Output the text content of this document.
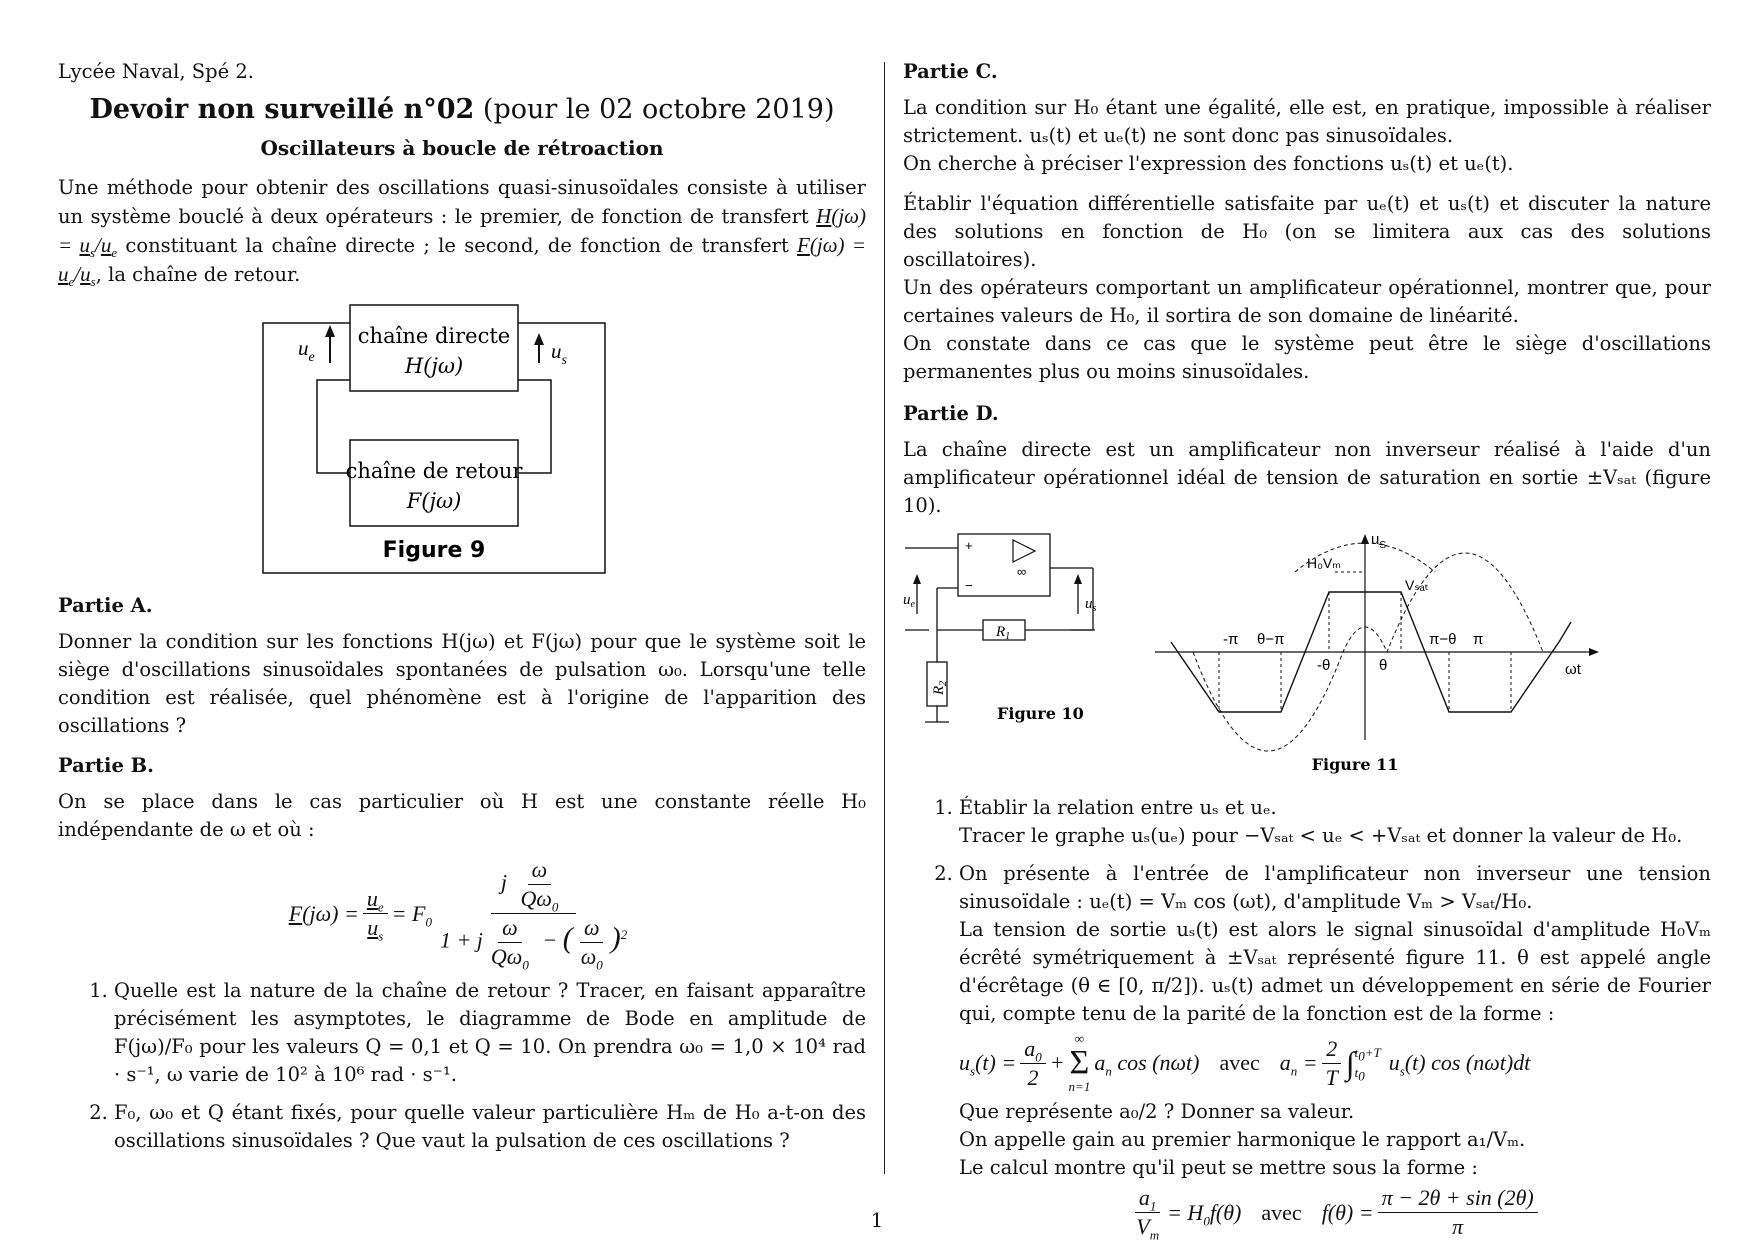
Lycée Naval, Spé 2.
Devoir non surveillé n°02 (pour le 02 octobre 2019)
Oscillateurs à boucle de rétroaction

Une méthode pour obtenir des oscillations quasi-sinusoïdales consiste à utiliser un système bouclé à deux opérateurs : le premier, de fonction de transfert $H(j\omega) = u_s/u_e$ constituant la chaîne directe ; le second, de fonction de transfert $F(j\omega) = u_e/u_s$, la chaîne de retour.

chaîne directe
H(jω)
chaîne de retour
F(jω)
$u_e$	$u_s$
Figure 9
Partie A.

Donner la condition sur les fonctions H(jω) et F(jω) pour que le système soit le siège d'oscillations sinusoïdales spontanées de pulsation ω₀. Lorsqu'une telle condition est réalisée, quel phénomène est à l'origine de l'apparition des oscillations ?

Partie B.

On se place dans le cas particulier où H est une constante réelle H₀ indépendante de ω et où :

$F(j\omega) = \frac{u_e}{u_s} = F_0 \frac{j \frac{\omega}{Q\omega_0}}{1 + j \frac{\omega}{Q\omega_0} - ( \frac{\omega}{\omega_0} )^2}$
1. Quelle est la nature de la chaîne de retour ? Tracer, en faisant apparaître précisément les asymptotes, le diagramme de Bode en amplitude de F(jω)/F₀ pour les valeurs Q = 0,1 et Q = 10. On prendra ω₀ = 1,0 × 10⁴ rad · s⁻¹, ω varie de 10² à 10⁶ rad · s⁻¹.
2. F₀, ω₀ et Q étant fixés, pour quelle valeur particulière Hₘ de H₀ a-t-on des oscillations sinusoïdales ? Que vaut la pulsation de ces oscillations ?
Partie C.

La condition sur H₀ étant une égalité, elle est, en pratique, impossible à réaliser strictement. uₛ(t) et uₑ(t) ne sont donc pas sinusoïdales.

On cherche à préciser l'expression des fonctions uₛ(t) et uₑ(t).

Établir l'équation différentielle satisfaite par uₑ(t) et uₛ(t) et discuter la nature des solutions en fonction de H₀ (on se limitera aux cas des solutions oscillatoires).

Un des opérateurs comportant un amplificateur opérationnel, montrer que, pour certaines valeurs de H₀, il sortira de son domaine de linéarité.

On constate dans ce cas que le système peut être le siège d'oscillations permanentes plus ou moins sinusoïdales.

Partie D.

La chaîne directe est un amplificateur non inverseur réalisé à l'aide d'un amplificateur opérationnel idéal de tension de saturation en sortie ±Vₛₐₜ (figure 10).

+
−
∞
$R_1$
$R_2$
$u_e$	$u_s$
Figure 10
$u_S$
H₀Vₘ
Vₛₐₜ
ωt
-π θ−π
-θ	θ
π−θ π
Figure 11
1. Établir la relation entre uₛ et uₑ.
Tracer le graphe uₛ(uₑ) pour −Vₛₐₜ < uₑ < +Vₛₐₜ et donner la valeur de H₀.
2. On présente à l'entrée de l'amplificateur non inverseur une tension sinusoïdale : uₑ(t) = Vₘ cos (ωt), d'amplitude Vₘ > Vₛₐₜ/H₀.
La tension de sortie uₛ(t) est alors le signal sinusoïdal d'amplitude H₀Vₘ écrêté symétriquement à ±Vₛₐₜ représenté figure 11. θ est appelé angle d'écrêtage (θ ∈ [0, π/2]). uₛ(t) admet un développement en série de Fourier qui, compte tenu de la parité de la fonction est de la forme :
$u_s(t) = \frac{a_0}{2}$ +
∞
Σ
n=1
$a_n$ cos (nωt) avec $a_n = \frac{2}{T}$ ∫ $t_0+T$
$t_0$
$u_s(t)$ cos (nωt)dt
Que représente a₀/2 ? Donner sa valeur.
On appelle gain au premier harmonique le rapport a₁/Vₘ.
Le calcul montre qu'il peut se mettre sous la forme :
$\frac{a_1}{V_m} = H_0f(\theta)$ avec $f(\theta) = \frac{\pi - 2\theta + \sin (2\theta)}{\pi}$
1
